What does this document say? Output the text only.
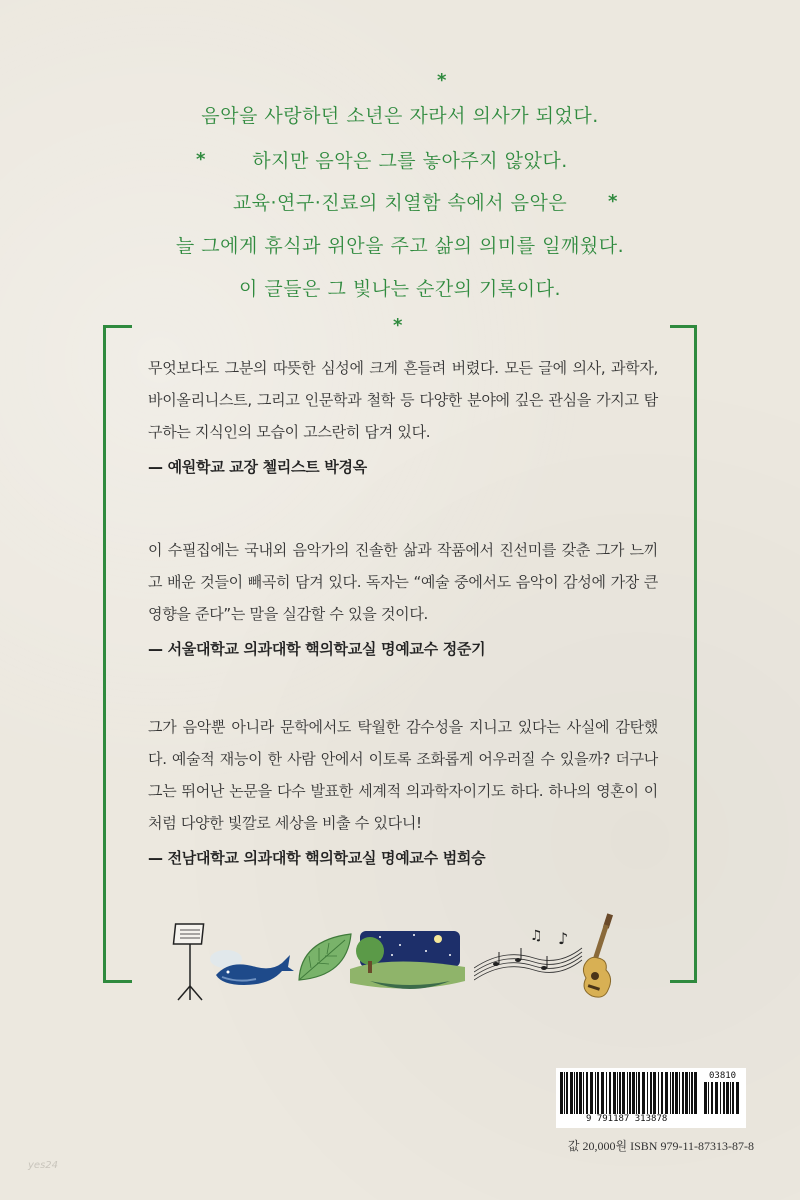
*
음악을 사랑하던 소년은 자라서 의사가 되었다.
*	하지만 음악은 그를 놓아주지 않았다.
교육·연구·진료의 치열함 속에서 음악은	*
늘 그에게 휴식과 위안을 주고 삶의 의미를 일깨웠다.
이 글들은 그 빛나는 순간의 기록이다.
*

무엇보다도 그분의 따뜻한 심성에 크게 흔들려 버렸다. 모든 글에 의사, 과학자, 바이올리니스트, 그리고 인문학과 철학 등 다양한 분야에 깊은 관심을 가지고 탐구하는 지식인의 모습이 고스란히 담겨 있다.

— 예원학교 교장 첼리스트 박경옥

이 수필집에는 국내외 음악가의 진솔한 삶과 작품에서 진선미를 갖춘 그가 느끼고 배운 것들이 빼곡히 담겨 있다. 독자는 “예술 중에서도 음악이 감성에 가장 큰 영향을 준다”는 말을 실감할 수 있을 것이다.

— 서울대학교 의과대학 핵의학교실 명예교수 정준기

그가 음악뿐 아니라 문학에서도 탁월한 감수성을 지니고 있다는 사실에 감탄했다. 예술적 재능이 한 사람 안에서 이토록 조화롭게 어우러질 수 있을까? 더구나 그는 뛰어난 논문을 다수 발표한 세계적 의과학자이기도 하다. 하나의 영혼이 이처럼 다양한 빛깔로 세상을 비출 수 있다니!

— 전남대학교 의과대학 핵의학교실 명예교수 범희승
♪
♫
9 791187 313878
03810
값 20,000원 ISBN 979-11-87313-87-8
yes24
